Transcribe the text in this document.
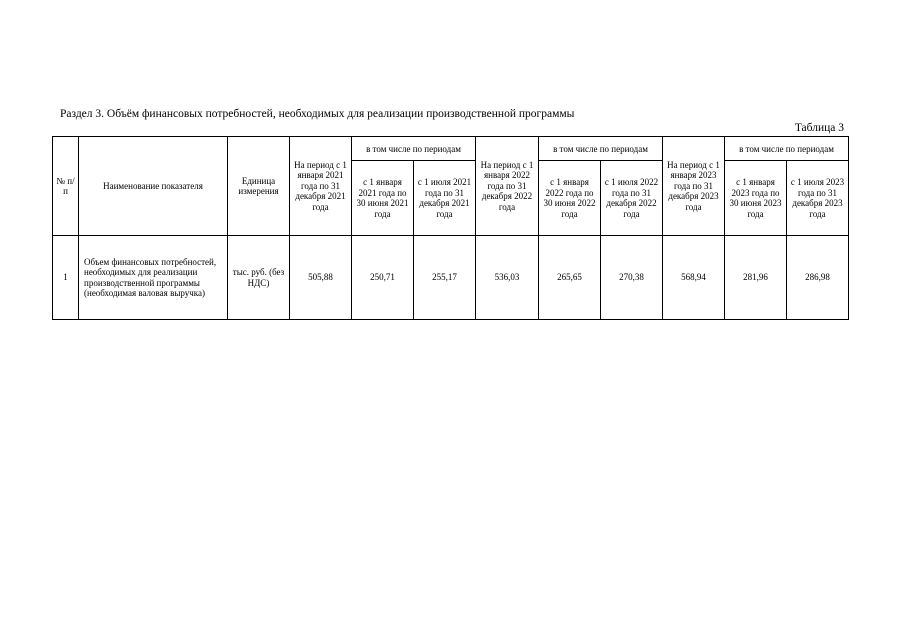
Раздел 3. Объём финансовых потребностей, необходимых для реализации производственной программы
Таблица 3
№ п/п	Наименование показателя	Единица измерения	На период с 1 января 2021 года по 31 декабря 2021 года	в том числе по периодам		На период с 1 января 2022 года по 31 декабря 2022 года	в том числе по периодам		На период с 1 января 2023 года по 31 декабря 2023 года	в том числе по периодам	
				с 1 января 2021 года по 30 июня 2021 года	с 1 июля 2021 года по 31 декабря 2021 года		с 1 января 2022 года по 30 июня 2022 года	с 1 июля 2022 года по 31 декабря 2022 года		с 1 января 2023 года по 30 июня 2023 года	с 1 июля 2023 года по 31 декабря 2023 года
1	Объем финансовых потребностей, необходимых для реализации производственной программы (необходимая валовая выручка)	тыс. руб. (без НДС)	505,88	250,71	255,17	536,03	265,65	270,38	568,94	281,96	286,98
